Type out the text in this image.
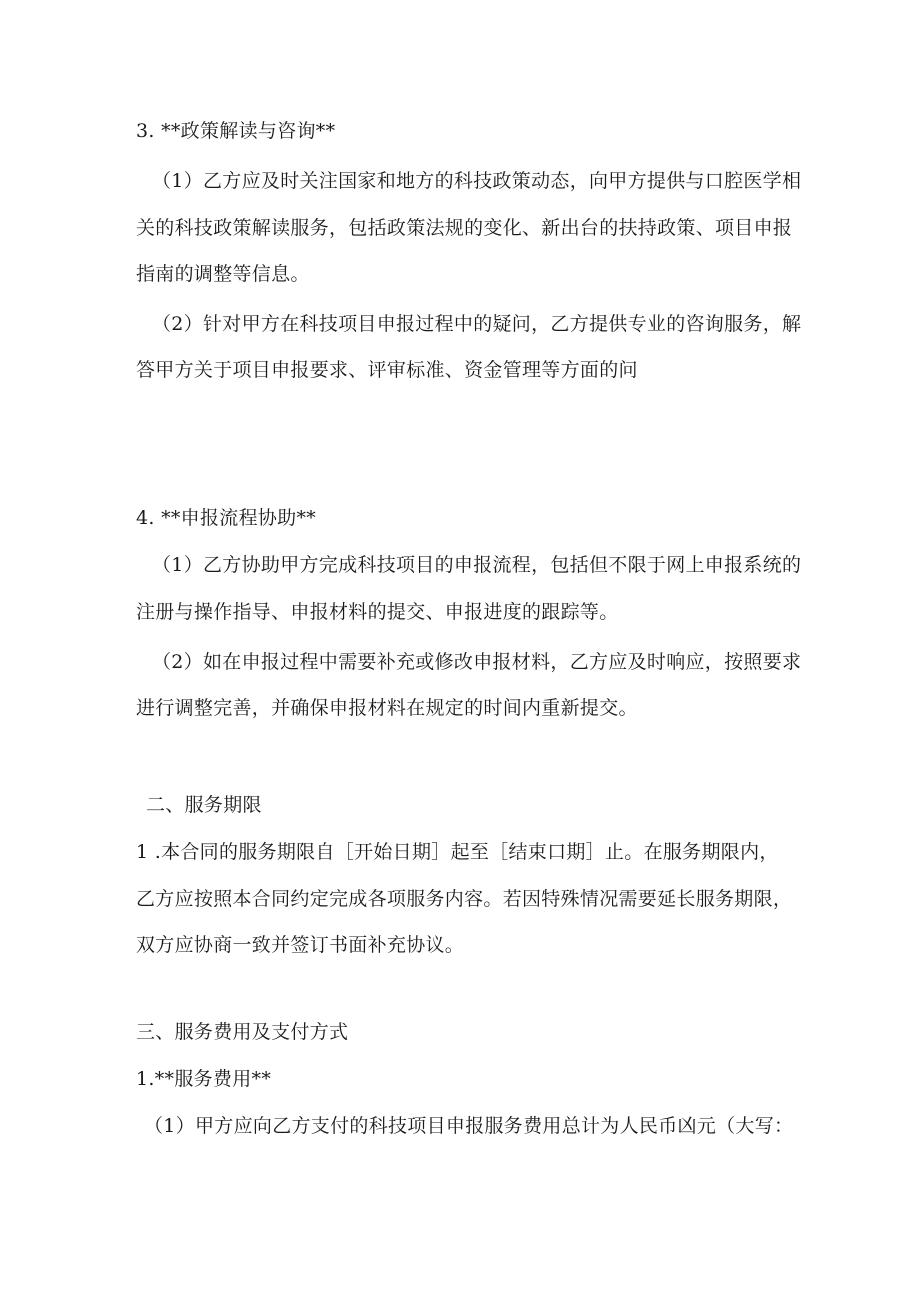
3. **政策解读与咨询**
（1）乙方应及时关注国家和地方的科技政策动态，向甲方提供与口腔医学相
关的科技政策解读服务，包括政策法规的变化、新出台的扶持政策、项目申报
指南的调整等信息。
（2）针对甲方在科技项目申报过程中的疑问，乙方提供专业的咨询服务，解
答甲方关于项目申报要求、评审标准、资金管理等方面的问
4. **申报流程协助**
（1）乙方协助甲方完成科技项目的申报流程，包括但不限于网上申报系统的
注册与操作指导、申报材料的提交、申报进度的跟踪等。
（2）如在申报过程中需要补充或修改申报材料，乙方应及时响应，按照要求
进行调整完善，并确保申报材料在规定的时间内重新提交。
二、服务期限
1 .本合同的服务期限自［开始日期］起至［结束口期］止。在服务期限内，
乙方应按照本合同约定完成各项服务内容。若因特殊情况需要延长服务期限，
双方应协商一致并签订书面补充协议。
三、服务费用及支付方式
1.**服务费用**
（1）甲方应向乙方支付的科技项目申报服务费用总计为人民币凶元（大写：
